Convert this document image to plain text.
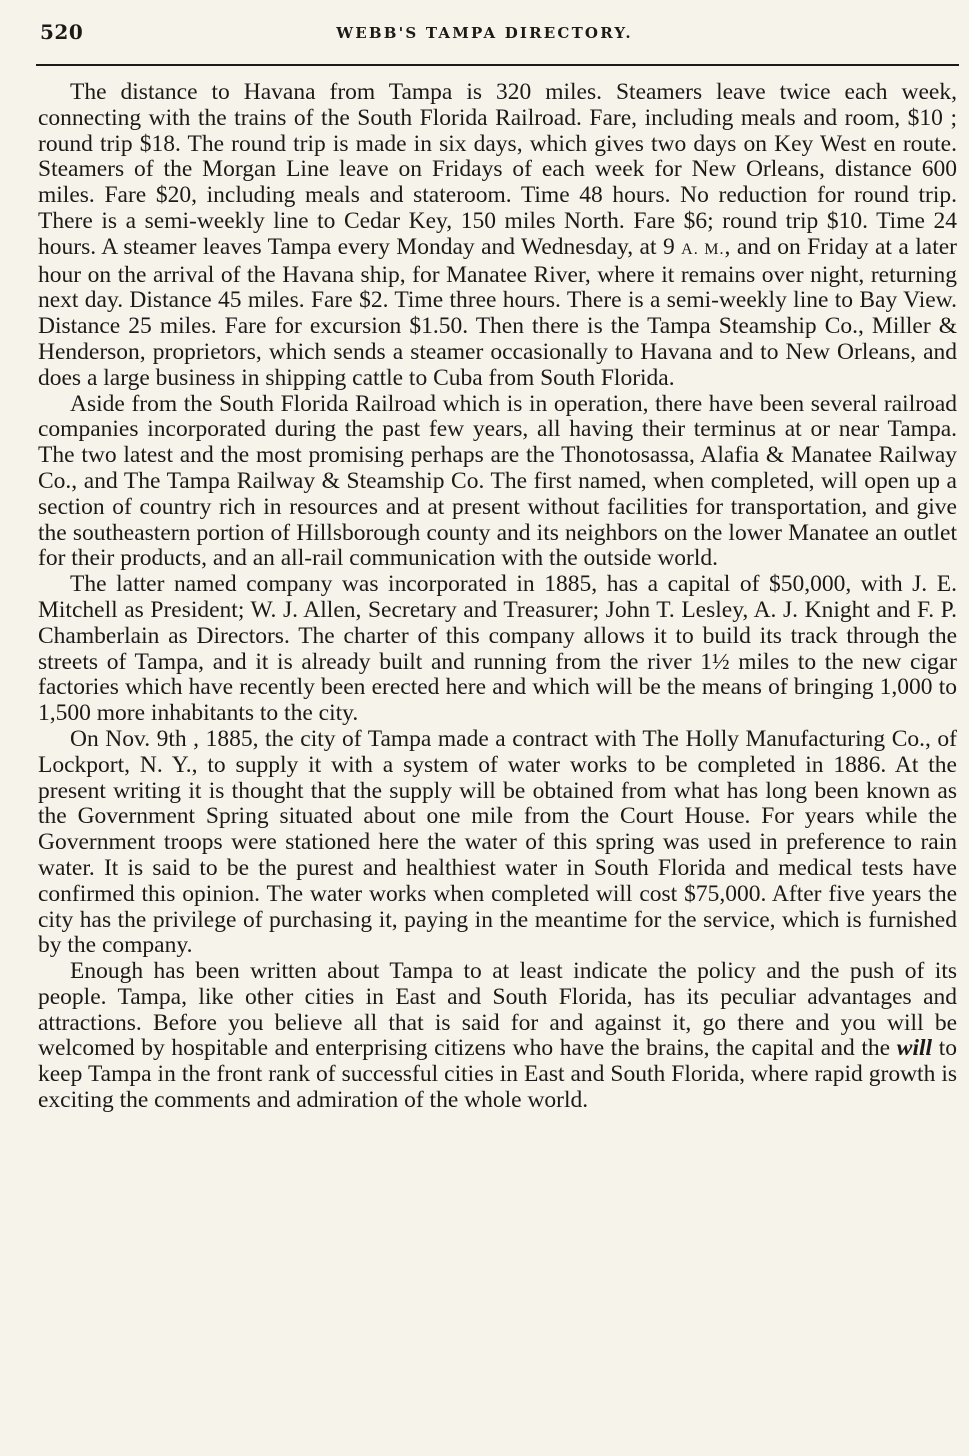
520	WEBB'S TAMPA DIRECTORY.

The distance to Havana from Tampa is 320 miles. Steamers leave twice each week, connecting with the trains of the South Florida Railroad. Fare, including meals and room, $10 ; round trip $18. The round trip is made in six days, which gives two days on Key West en route. Steamers of the Morgan Line leave on Fridays of each week for New Orleans, distance 600 miles. Fare $20, including meals and stateroom. Time 48 hours. No reduction for round trip. There is a semi-weekly line to Cedar Key, 150 miles North. Fare $6; round trip $10. Time 24 hours. A steamer leaves Tampa every Monday and Wednesday, at 9 A. M., and on Friday at a later hour on the arrival of the Havana ship, for Manatee River, where it remains over night, returning next day. Distance 45 miles. Fare $2. Time three hours. There is a semi-weekly line to Bay View. Distance 25 miles. Fare for excursion $1.50. Then there is the Tampa Steamship Co., Miller & Henderson, proprietors, which sends a steamer occasionally to Havana and to New Orleans, and does a large business in shipping cattle to Cuba from South Florida.

Aside from the South Florida Railroad which is in operation, there have been several railroad companies incorporated during the past few years, all having their terminus at or near Tampa. The two latest and the most promising perhaps are the Thonotosassa, Alafia & Manatee Railway Co., and The Tampa Railway & Steamship Co. The first named, when completed, will open up a section of country rich in resources and at present without facilities for transportation, and give the southeastern portion of Hillsborough county and its neighbors on the lower Manatee an outlet for their products, and an all-rail communication with the outside world.

The latter named company was incorporated in 1885, has a capital of $50,000, with J. E. Mitchell as President; W. J. Allen, Secretary and Treasurer; John T. Lesley, A. J. Knight and F. P. Chamberlain as Directors. The charter of this company allows it to build its track through the streets of Tampa, and it is already built and running from the river 1½ miles to the new cigar factories which have recently been erected here and which will be the means of bringing 1,000 to 1,500 more inhabitants to the city.

On Nov. 9th , 1885, the city of Tampa made a contract with The Holly Manufacturing Co., of Lockport, N. Y., to supply it with a system of water works to be completed in 1886. At the present writing it is thought that the supply will be obtained from what has long been known as the Government Spring situated about one mile from the Court House. For years while the Government troops were stationed here the water of this spring was used in preference to rain water. It is said to be the purest and healthiest water in South Florida and medical tests have confirmed this opinion. The water works when completed will cost $75,000. After five years the city has the privilege of purchasing it, paying in the meantime for the service, which is furnished by the company.

Enough has been written about Tampa to at least indicate the policy and the push of its people. Tampa, like other cities in East and South Florida, has its peculiar advantages and attractions. Before you believe all that is said for and against it, go there and you will be welcomed by hospitable and enterprising citizens who have the brains, the capital and the will to keep Tampa in the front rank of successful cities in East and South Florida, where rapid growth is exciting the comments and admiration of the whole world.
